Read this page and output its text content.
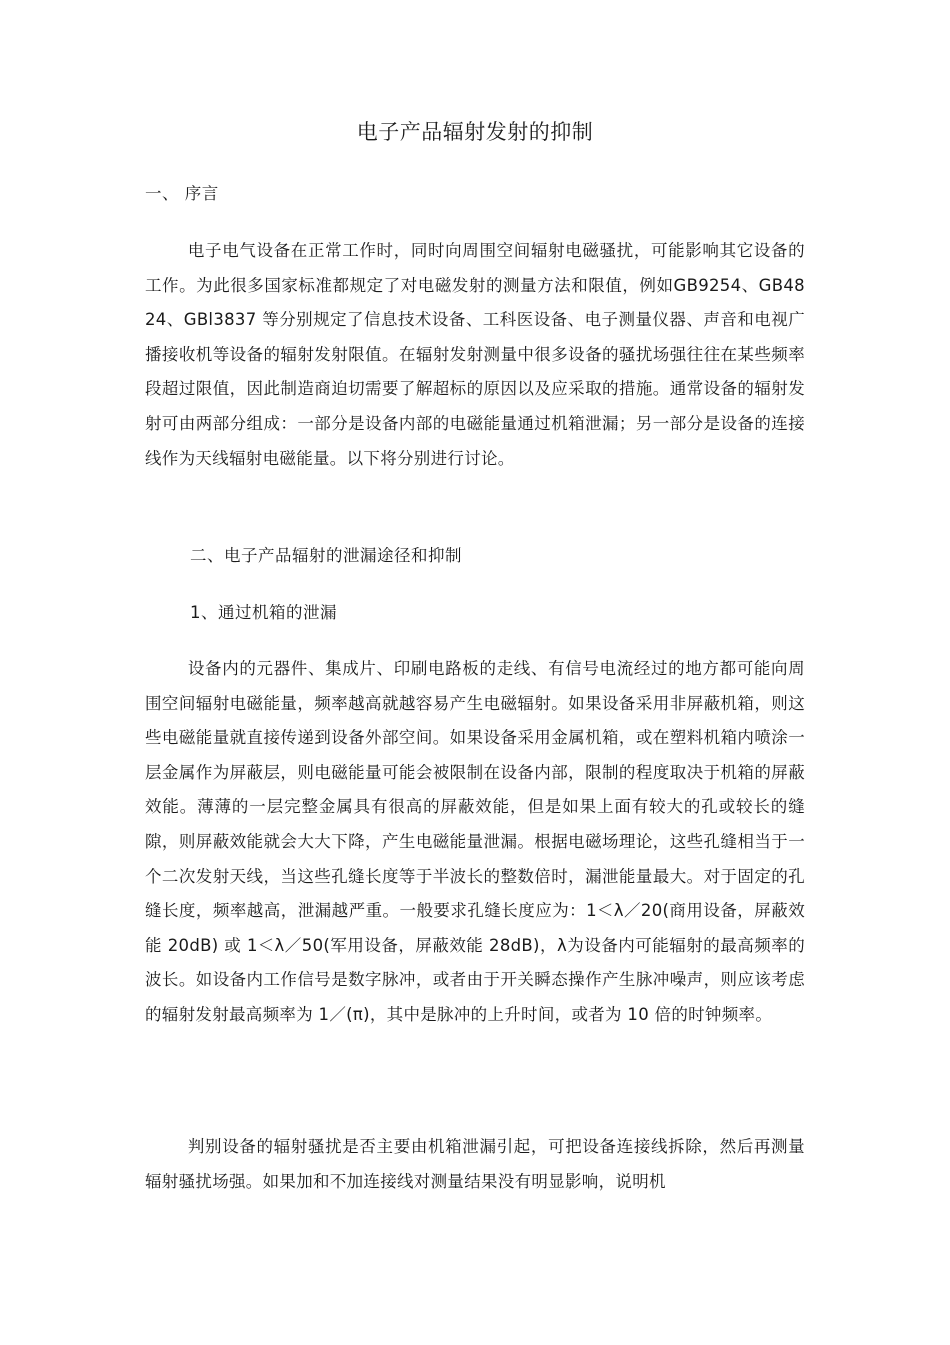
电子产品辐射发射的抑制
一、 序言

电子电气设备在正常工作时，同时向周围空间辐射电磁骚扰，可能影响其它设备的工作。为此很多国家标准都规定了对电磁发射的测量方法和限值，例如GB9254、GB4824、GBl3837 等分别规定了信息技术设备、工科医设备、电子测量仪器、声音和电视广播接收机等设备的辐射发射限值。在辐射发射测量中很多设备的骚扰场强往往在某些频率段超过限值，因此制造商迫切需要了解超标的原因以及应采取的措施。通常设备的辐射发射可由两部分组成：一部分是设备内部的电磁能量通过机箱泄漏；另一部分是设备的连接线作为天线辐射电磁能量。以下将分别进行讨论。

二、电子产品辐射的泄漏途径和抑制
1、通过机箱的泄漏

设备内的元器件、集成片、印刷电路板的走线、有信号电流经过的地方都可能向周围空间辐射电磁能量，频率越高就越容易产生电磁辐射。如果设备采用非屏蔽机箱，则这些电磁能量就直接传递到设备外部空间。如果设备采用金属机箱，或在塑料机箱内喷涂一层金属作为屏蔽层，则电磁能量可能会被限制在设备内部，限制的程度取决于机箱的屏蔽效能。薄薄的一层完整金属具有很高的屏蔽效能，但是如果上面有较大的孔或较长的缝隙，则屏蔽效能就会大大下降，产生电磁能量泄漏。根据电磁场理论，这些孔缝相当于一个二次发射天线，当这些孔缝长度等于半波长的整数倍时，漏泄能量最大。对于固定的孔缝长度，频率越高，泄漏越严重。一般要求孔缝长度应为：1＜λ／20(商用设备，屏蔽效能 20dB) 或 1＜λ／50(军用设备，屏蔽效能 28dB)，λ为设备内可能辐射的最高频率的波长。如设备内工作信号是数字脉冲，或者由于开关瞬态操作产生脉冲噪声，则应该考虑的辐射发射最高频率为 1／(π)，其中是脉冲的上升时间，或者为 10 倍的时钟频率。

判别设备的辐射骚扰是否主要由机箱泄漏引起，可把设备连接线拆除，然后再测量辐射骚扰场强。如果加和不加连接线对测量结果没有明显影响，说明机
